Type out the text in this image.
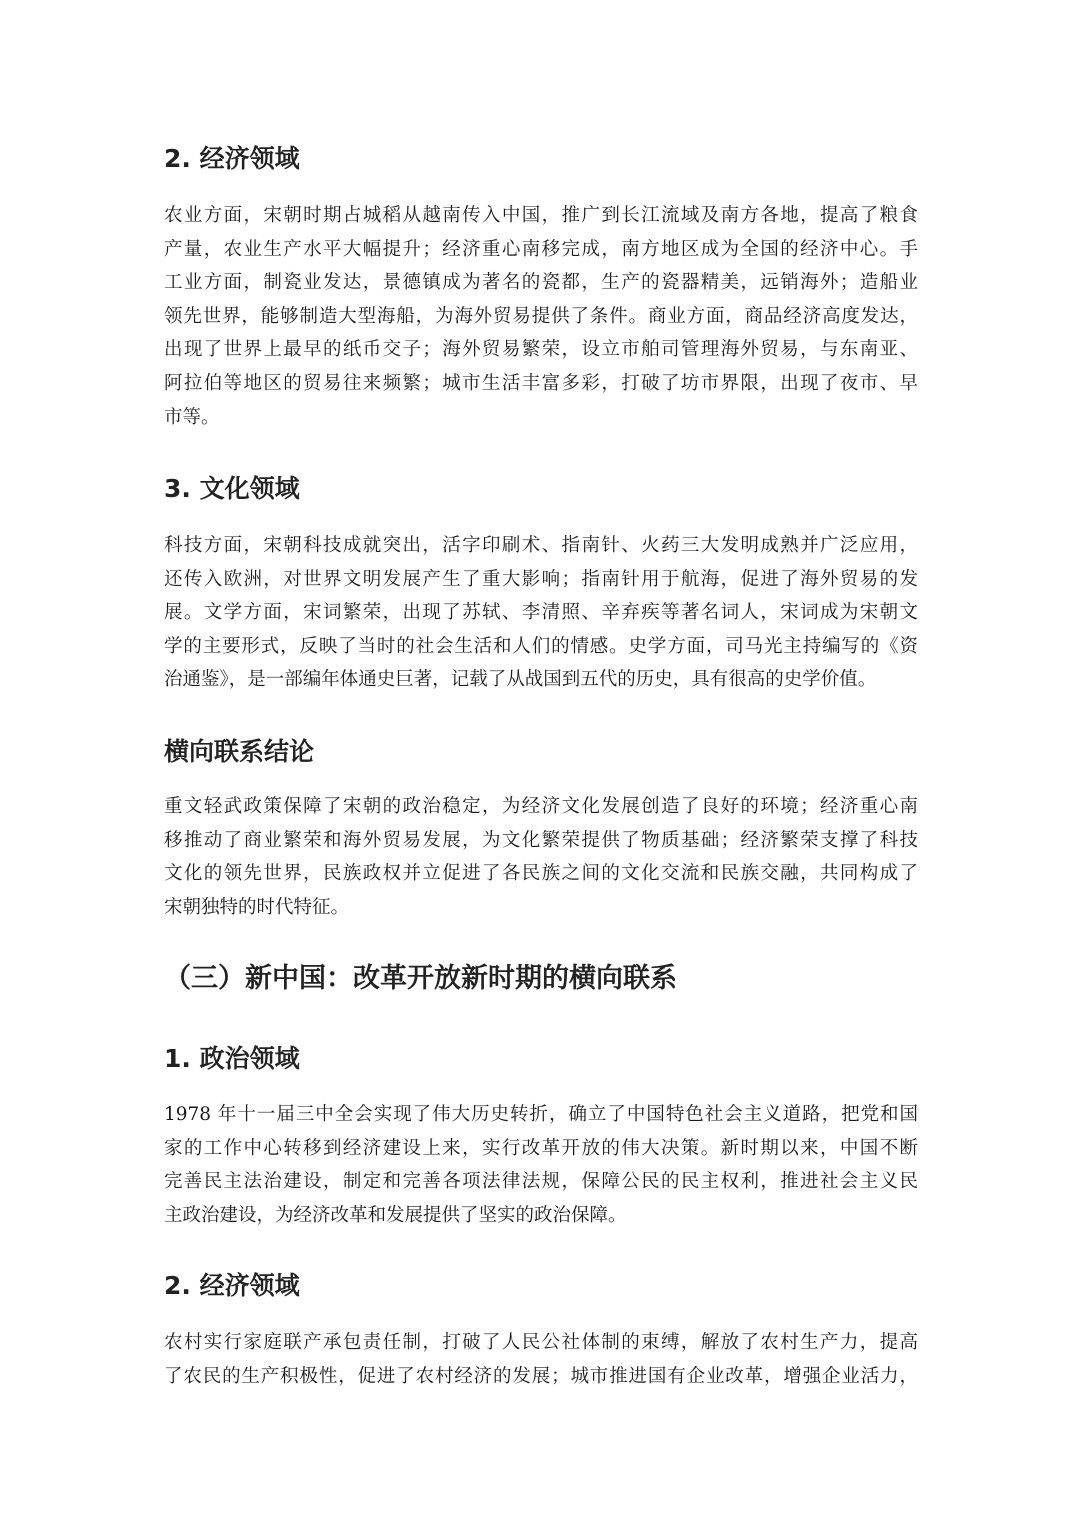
2. 经济领域
农业方面，宋朝时期占城稻从越南传入中国，推广到长江流域及南方各地，提高了粮食
产量，农业生产水平大幅提升；经济重心南移完成，南方地区成为全国的经济中心。手
工业方面，制瓷业发达，景德镇成为著名的瓷都，生产的瓷器精美，远销海外；造船业
领先世界，能够制造大型海船，为海外贸易提供了条件。商业方面，商品经济高度发达，
出现了世界上最早的纸币交子；海外贸易繁荣，设立市舶司管理海外贸易，与东南亚、
阿拉伯等地区的贸易往来频繁；城市生活丰富多彩，打破了坊市界限，出现了夜市、早
市等。
3. 文化领域
科技方面，宋朝科技成就突出，活字印刷术、指南针、火药三大发明成熟并广泛应用，
还传入欧洲，对世界文明发展产生了重大影响；指南针用于航海，促进了海外贸易的发
展。文学方面，宋词繁荣，出现了苏轼、李清照、辛弃疾等著名词人，宋词成为宋朝文
学的主要形式，反映了当时的社会生活和人们的情感。史学方面，司马光主持编写的《资
治通鉴》，是一部编年体通史巨著，记载了从战国到五代的历史，具有很高的史学价值。
横向联系结论
重文轻武政策保障了宋朝的政治稳定，为经济文化发展创造了良好的环境；经济重心南
移推动了商业繁荣和海外贸易发展，为文化繁荣提供了物质基础；经济繁荣支撑了科技
文化的领先世界，民族政权并立促进了各民族之间的文化交流和民族交融，共同构成了
宋朝独特的时代特征。
（三）新中国：改革开放新时期的横向联系
1. 政治领域
1978 年十一届三中全会实现了伟大历史转折，确立了中国特色社会主义道路，把党和国
家的工作中心转移到经济建设上来，实行改革开放的伟大决策。新时期以来，中国不断
完善民主法治建设，制定和完善各项法律法规，保障公民的民主权利，推进社会主义民
主政治建设，为经济改革和发展提供了坚实的政治保障。
2. 经济领域
农村实行家庭联产承包责任制，打破了人民公社体制的束缚，解放了农村生产力，提高
了农民的生产积极性，促进了农村经济的发展；城市推进国有企业改革，增强企业活力，
